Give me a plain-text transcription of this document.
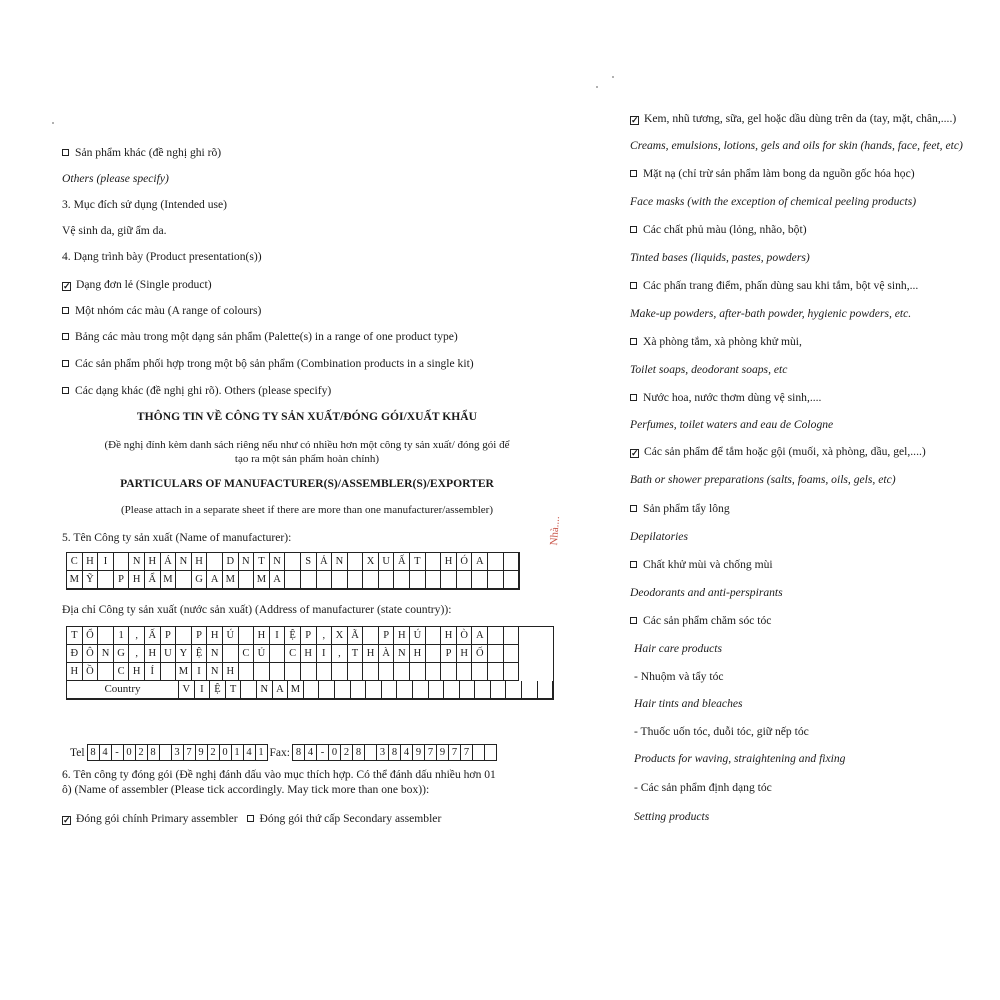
Sản phẩm khác (đề nghị ghi rõ)
Others (please specify)
3. Mục đích sử dụng (Intended use)
Vệ sinh da, giữ ẩm da.
4. Dạng trình bày (Product presentation(s))
✓ Dạng đơn lẻ (Single product)
Một nhóm các màu (A range of colours)
Bảng các màu trong một dạng sản phẩm (Palette(s) in a range of one product type)
Các sản phẩm phối hợp trong một bộ sản phẩm (Combination products in a single kit)
Các dạng khác (đề nghị ghi rõ). Others (please specify)
THÔNG TIN VỀ CÔNG TY SẢN XUẤT/ĐÓNG GÓI/XUẤT KHẨU
(Đề nghị đính kèm danh sách riêng nếu như có nhiều hơn một công ty sản xuất/ đóng gói để
tạo ra một sản phẩm hoàn chỉnh)
PARTICULARS OF MANUFACTURER(S)/ASSEMBLER(S)/EXPORTER
(Please attach in a separate sheet if there are more than one manufacturer/assembler)
5. Tên Công ty sản xuất (Name of manufacturer):
C H I	N H Á N H	D N T N	S Ả N	X U Ấ T	H Ó A
M Ỹ	P H Ẩ M	G A M	M A
Địa chỉ Công ty sản xuất (nước sản xuất) (Address of manufacturer (state country)):
T Ổ	1	, Ấ P	P H Ú	H I	Ệ P	, X Ã	P H Ú	H Ò A
Đ Ô N G , H U Y Ệ N	C Ủ	C H I	,	T H À N H	P H Ố
H Ồ	C H Í	M I N H
Country	V I	Ệ T	N A M
Tel 8 4 - 0 2 8	3 7 9 2 0 1 4 1 Fax: 8 4 - 0 2 8	3 8 4 9 7 9 7 7
6. Tên công ty đóng gói (Đề nghị đánh dấu vào mục thích hợp. Có thể đánh dấu nhiều hơn 01
ô) (Name of assembler (Please tick accordingly. May tick more than one box)):
✓ Đóng gói chính Primary assembler Đóng gói thứ cấp Secondary assembler
Nhà....
✓ Kem, nhũ tương, sữa, gel hoặc dầu dùng trên da (tay, mặt, chân,....)
Creams, emulsions, lotions, gels and oils for skin (hands, face, feet, etc)
Mặt nạ (chỉ trừ sản phẩm làm bong da nguồn gốc hóa học)
Face masks (with the exception of chemical peeling products)
Các chất phủ màu (lỏng, nhão, bột)
Tinted bases (liquids, pastes, powders)
Các phấn trang điểm, phấn dùng sau khi tắm, bột vệ sinh,...
Make-up powders, after-bath powder, hygienic powders, etc.
Xà phòng tắm, xà phòng khử mùi,
Toilet soaps, deodorant soaps, etc
Nước hoa, nước thơm dùng vệ sinh,....
Perfumes, toilet waters and eau de Cologne
✓ Các sản phẩm để tắm hoặc gội (muối, xà phòng, dầu, gel,....)
Bath or shower preparations (salts, foams, oils, gels, etc)
Sản phẩm tẩy lông
Depilatories
Chất khử mùi và chống mùi
Deodorants and anti-perspirants
Các sản phẩm chăm sóc tóc
Hair care products
- Nhuộm và tẩy tóc
Hair tints and bleaches
- Thuốc uốn tóc, duỗi tóc, giữ nếp tóc
Products for waving, straightening and fixing
- Các sản phẩm định dạng tóc
Setting products
